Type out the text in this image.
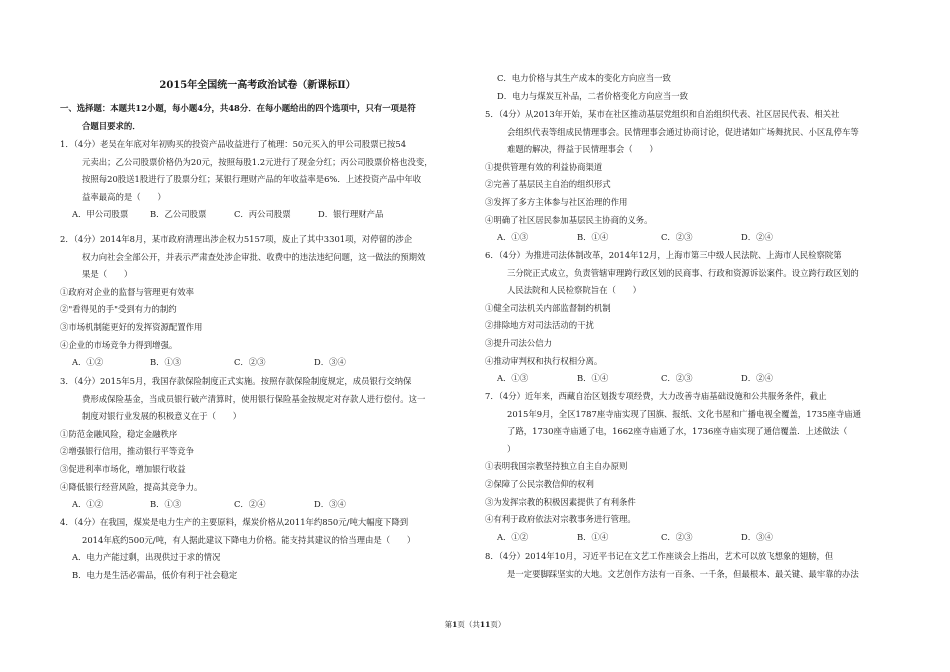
2015年全国统一高考政治试卷（新课标Ⅱ）
一、选择题：本题共12小题，每小题4分，共48分．在每小题给出的四个选项中，只有一项是符
合题目要求的．
1．（4分）老吴在年底对年初购买的投资产品收益进行了梳理：50元买入的甲公司股票已按54
元卖出；乙公司股票价格仍为20元，按照每股1.2元进行了现金分红；丙公司股票价格也没变，
按照每20股送1股进行了股票分红；某银行理财产品的年收益率是6%．上述投资产品中年收
益率最高的是（　　）
A．甲公司股票	B．乙公司股票	C．丙公司股票	D．银行理财产品
2．（4分）2014年8月，某市政府清理出涉企权力5157项，废止了其中3301项，对停留的涉企
权力向社会全部公开，并表示严肃查处涉企审批、收费中的违法违纪问题，这一做法的预期效
果是（　　）
①政府对企业的监督与管理更有效率
②"看得见的手"受到有力的制约
③市场机制能更好的发挥资源配置作用
④企业的市场竞争力得到增强。
A．①②	B．①③	C．②③	D．③④
3．（4分）2015年5月，我国存款保险制度正式实施。按照存款保险制度规定，成员银行交纳保
费形成保险基金，当成员银行破产清算时，使用银行保险基金按规定对存款人进行偿付。这一
制度对银行业发展的积极意义在于（　　）
①防范金融风险，稳定金融秩序
②增强银行信用，推动银行平等竞争
③促进利率市场化，增加银行收益
④降低银行经营风险，提高其竞争力。
A．①②	B．①③	C．②④	D．③④
4．（4分）在我国，煤炭是电力生产的主要原料，煤炭价格从2011年约850元/吨大幅度下降到
2014年底约500元/吨，有人据此建议下降电力价格。能支持其建议的恰当理由是（　　）
A．电力产能过剩，出现供过于求的情况
B．电力是生活必需品，低价有利于社会稳定
C．电力价格与其生产成本的变化方向应当一致
D．电力与煤炭互补品，二者价格变化方向应当一致
5．（4分）从2013年开始，某市在社区推动基层党组织和自治组织代表、社区居民代表、相关社
会组织代表等组成民情理事会。民情理事会通过协商讨论，促进诸如广场舞扰民、小区乱停车等
难题的解决，得益于民情理事会（　　）
①提供管理有效的利益协商渠道
②完善了基层民主自治的组织形式
③发挥了多方主体参与社区治理的作用
④明确了社区居民参加基层民主协商的义务。
A．①③	B．①④	C．②③	D．②④
6．（4分）为推进司法体制改革，2014年12月，上海市第三中级人民法院、上海市人民检察院第
三分院正式成立，负责管辖审理跨行政区划的民商事、行政和资源诉讼案件。设立跨行政区划的
人民法院和人民检察院旨在（　　）
①健全司法机关内部监督制约机制
②排除地方对司法活动的干扰
③提升司法公信力
④推动审判权和执行权相分离。
A．①③	B．①④	C．②③	D．②④
7．（4分）近年来，西藏自治区划拨专项经费，大力改善寺庙基础设施和公共服务条件，截止
2015年9月，全区1787座寺庙实现了国旗、报纸、文化书屋和广播电视全覆盖，1735座寺庙通
了路，1730座寺庙通了电，1662座寺庙通了水，1736座寺庙实现了通信覆盖．上述做法（
）
①表明我国宗教坚持独立自主自办原则
②保障了公民宗教信仰的权利
③为发挥宗教的积极因素提供了有利条件
④有利于政府依法对宗教事务进行管理。
A．①②	B．①④	C．②③	D．③④
8．（4分）2014年10月，习近平书记在文艺工作座谈会上指出，艺术可以放飞想象的翅膀，但
是一定要脚踩坚实的大地。文艺创作方法有一百条、一千条，但最根本、最关键、最牢靠的办法
第1页（共11页）
